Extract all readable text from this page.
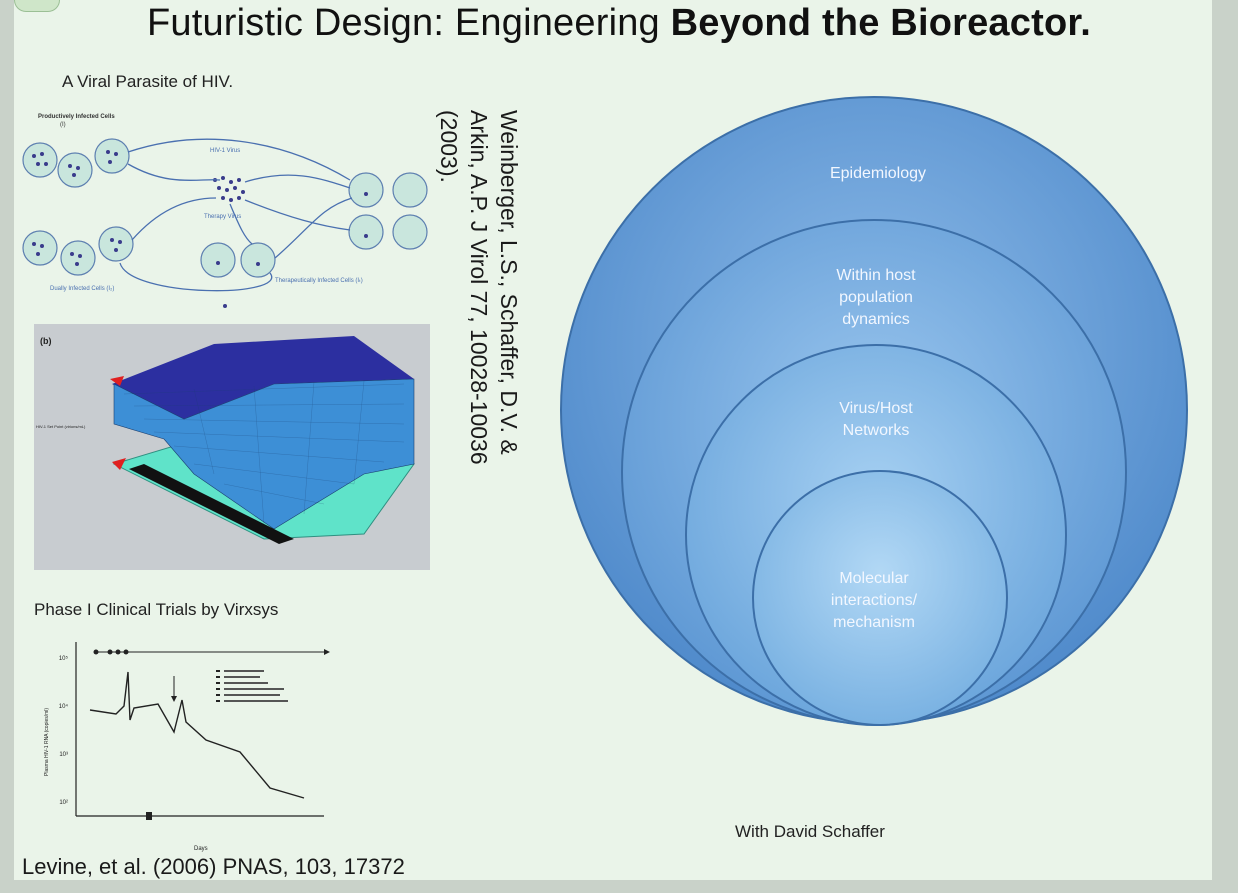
Futuristic Design: Engineering Beyond the Bioreactor.
A Viral Parasite of HIV.
Productively Infected Cells
(I)
HIV-1 Virus
Therapy Virus
Dually Infected Cells (I₂)
Therapeutically Infected Cells (Iₜ)
(b)
HIV-1 Set Point (virions/mL)
Phase I Clinical Trials by Virxsys
10⁵
10⁴
10³
10²
Plasma HIV-1 RNA (copies/ml)
Days
Levine, et al. (2006) PNAS, 103, 17372
Weinberger, L.S., Schaffer, D.V. &
Arkin, A.P. J Virol 77, 10028-10036
(2003).	Epidemiology
Within host
population
dynamics
Virus/Host
Networks
Molecular
interactions/
mechanism
With David Schaffer
